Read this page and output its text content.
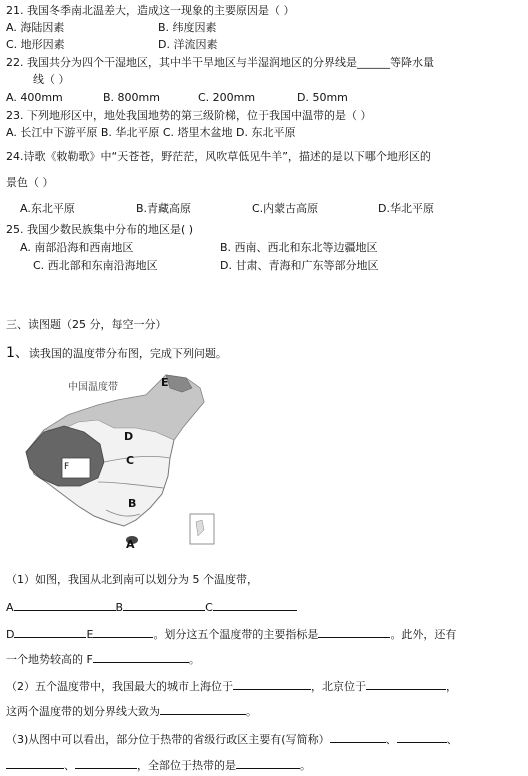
21. 我国冬季南北温差大，造成这一现象的主要原因是（ ）
A. 海陆因素	B. 纬度因素
C. 地形因素	D. 洋流因素
22. 我国共分为四个干湿地区，其中半干旱地区与半湿润地区的分界线是______等降水量
线（ ）
A. 400mm	B. 800mm	C. 200mm	D. 50mm
23. 下列地形区中，地处我国地势的第三级阶梯，位于我国中温带的是（ ）
A. 长江中下游平原 B. 华北平原 C. 塔里木盆地 D. 东北平原
24.诗歌《敕勒歌》中“天苍苍，野茫茫，风吹草低见牛羊”，描述的是以下哪个地形区的
景色（ ）
A.东北平原	B.青藏高原	C.内蒙古高原	D.华北平原
25. 我国少数民族集中分布的地区是( )
A. 南部沿海和西南地区	B. 西南、西北和东北等边疆地区
C. 西北部和东南沿海地区	D. 甘肃、青海和广东等部分地区
三、读图题（25 分，每空一分）
1、读我国的温度带分布图，完成下列问题。
中国温度带	E
D
C
B
A
F
（1）如图，我国从北到南可以划分为 5 个温度带，
A	B	C
D	E	。划分这五个温度带的主要指标是	。此外，还有
一个地势较高的 F	。
（2）五个温度带中，我国最大的城市上海位于	，北京位于	，
这两个温度带的划分界线大致为	。
（3)从图中可以看出，部分位于热带的省级行政区主要有(写简称）	、	、
、	，全部位于热带的是	。
